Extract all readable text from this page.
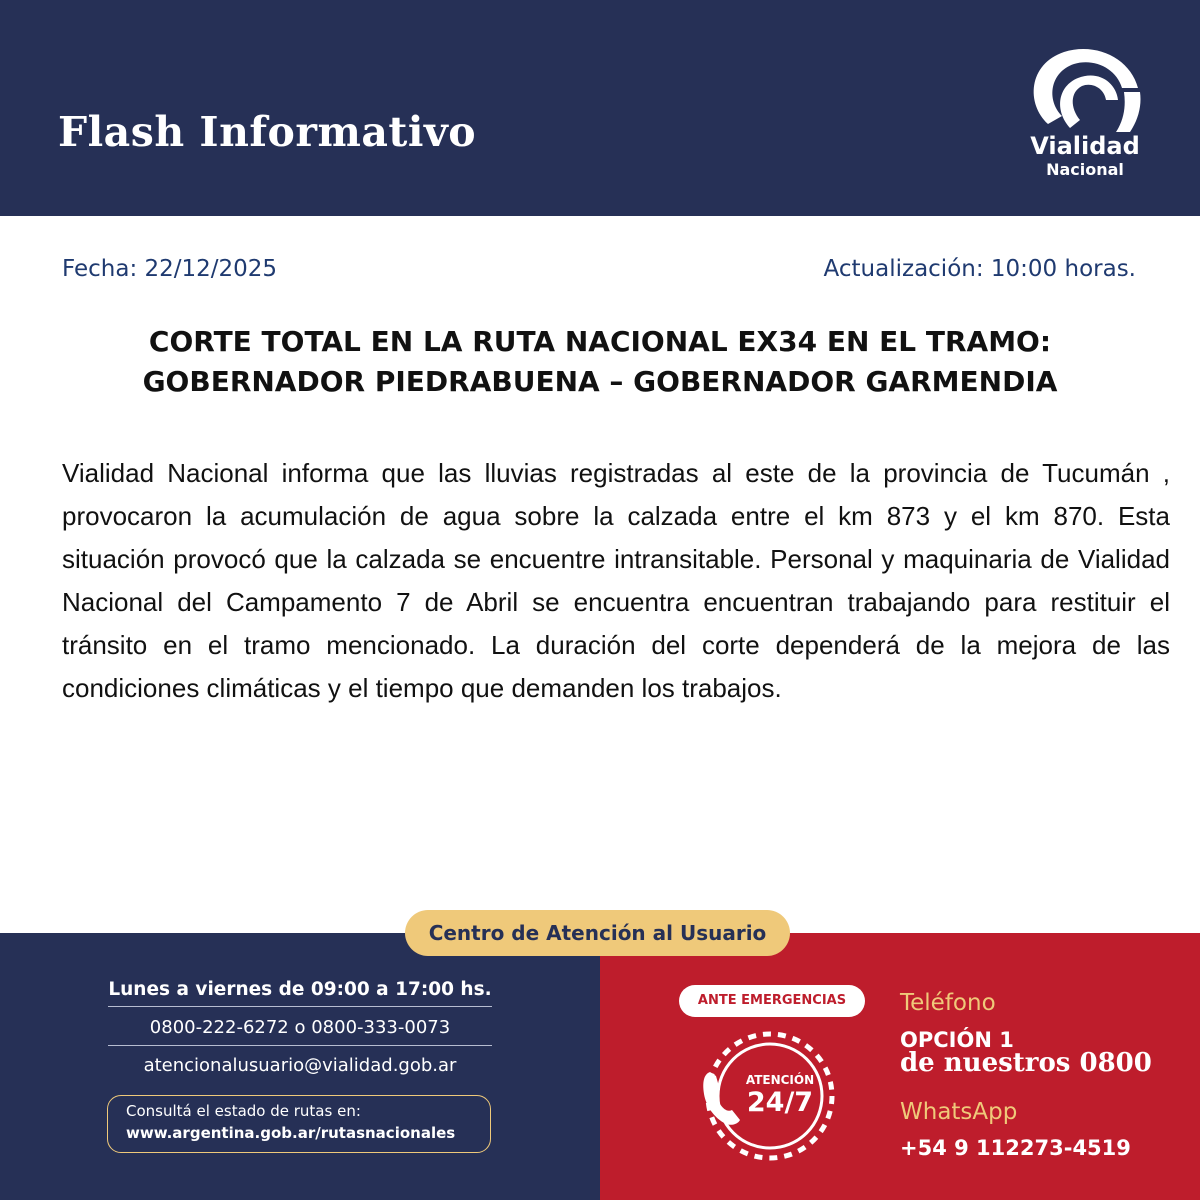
Flash Informativo	Vialidad
Nacional
Fecha: 22/12/2025	Actualización: 10:00 horas.
CORTE TOTAL EN LA RUTA NACIONAL EX34 EN EL TRAMO:
GOBERNADOR PIEDRABUENA – GOBERNADOR GARMENDIA
Vialidad Nacional informa que las lluvias registradas al este de la provincia de Tucumán , provocaron la acumulación de agua sobre la calzada entre el km 873 y el km 870. Esta situación provocó que la calzada se encuentre intransitable. Personal y maquinaria de Vialidad Nacional del Campamento 7 de Abril se encuentra encuentran trabajando para restituir el tránsito en el tramo mencionado. La duración del corte dependerá de la mejora de las condiciones climáticas y el tiempo que demanden los trabajos.
Centro de Atención al Usuario
Lunes a viernes de 09:00 a 17:00 hs.
0800-222-6272 o 0800-333-0073
atencionalusuario@vialidad.gob.ar
Consultá el estado de rutas en:
www.argentina.gob.ar/rutasnacionales
ANTE EMERGENCIAS
ATENCIÓN
24/7
Teléfono
OPCIÓN 1
de nuestros 0800
WhatsApp
+54 9 112273-4519
